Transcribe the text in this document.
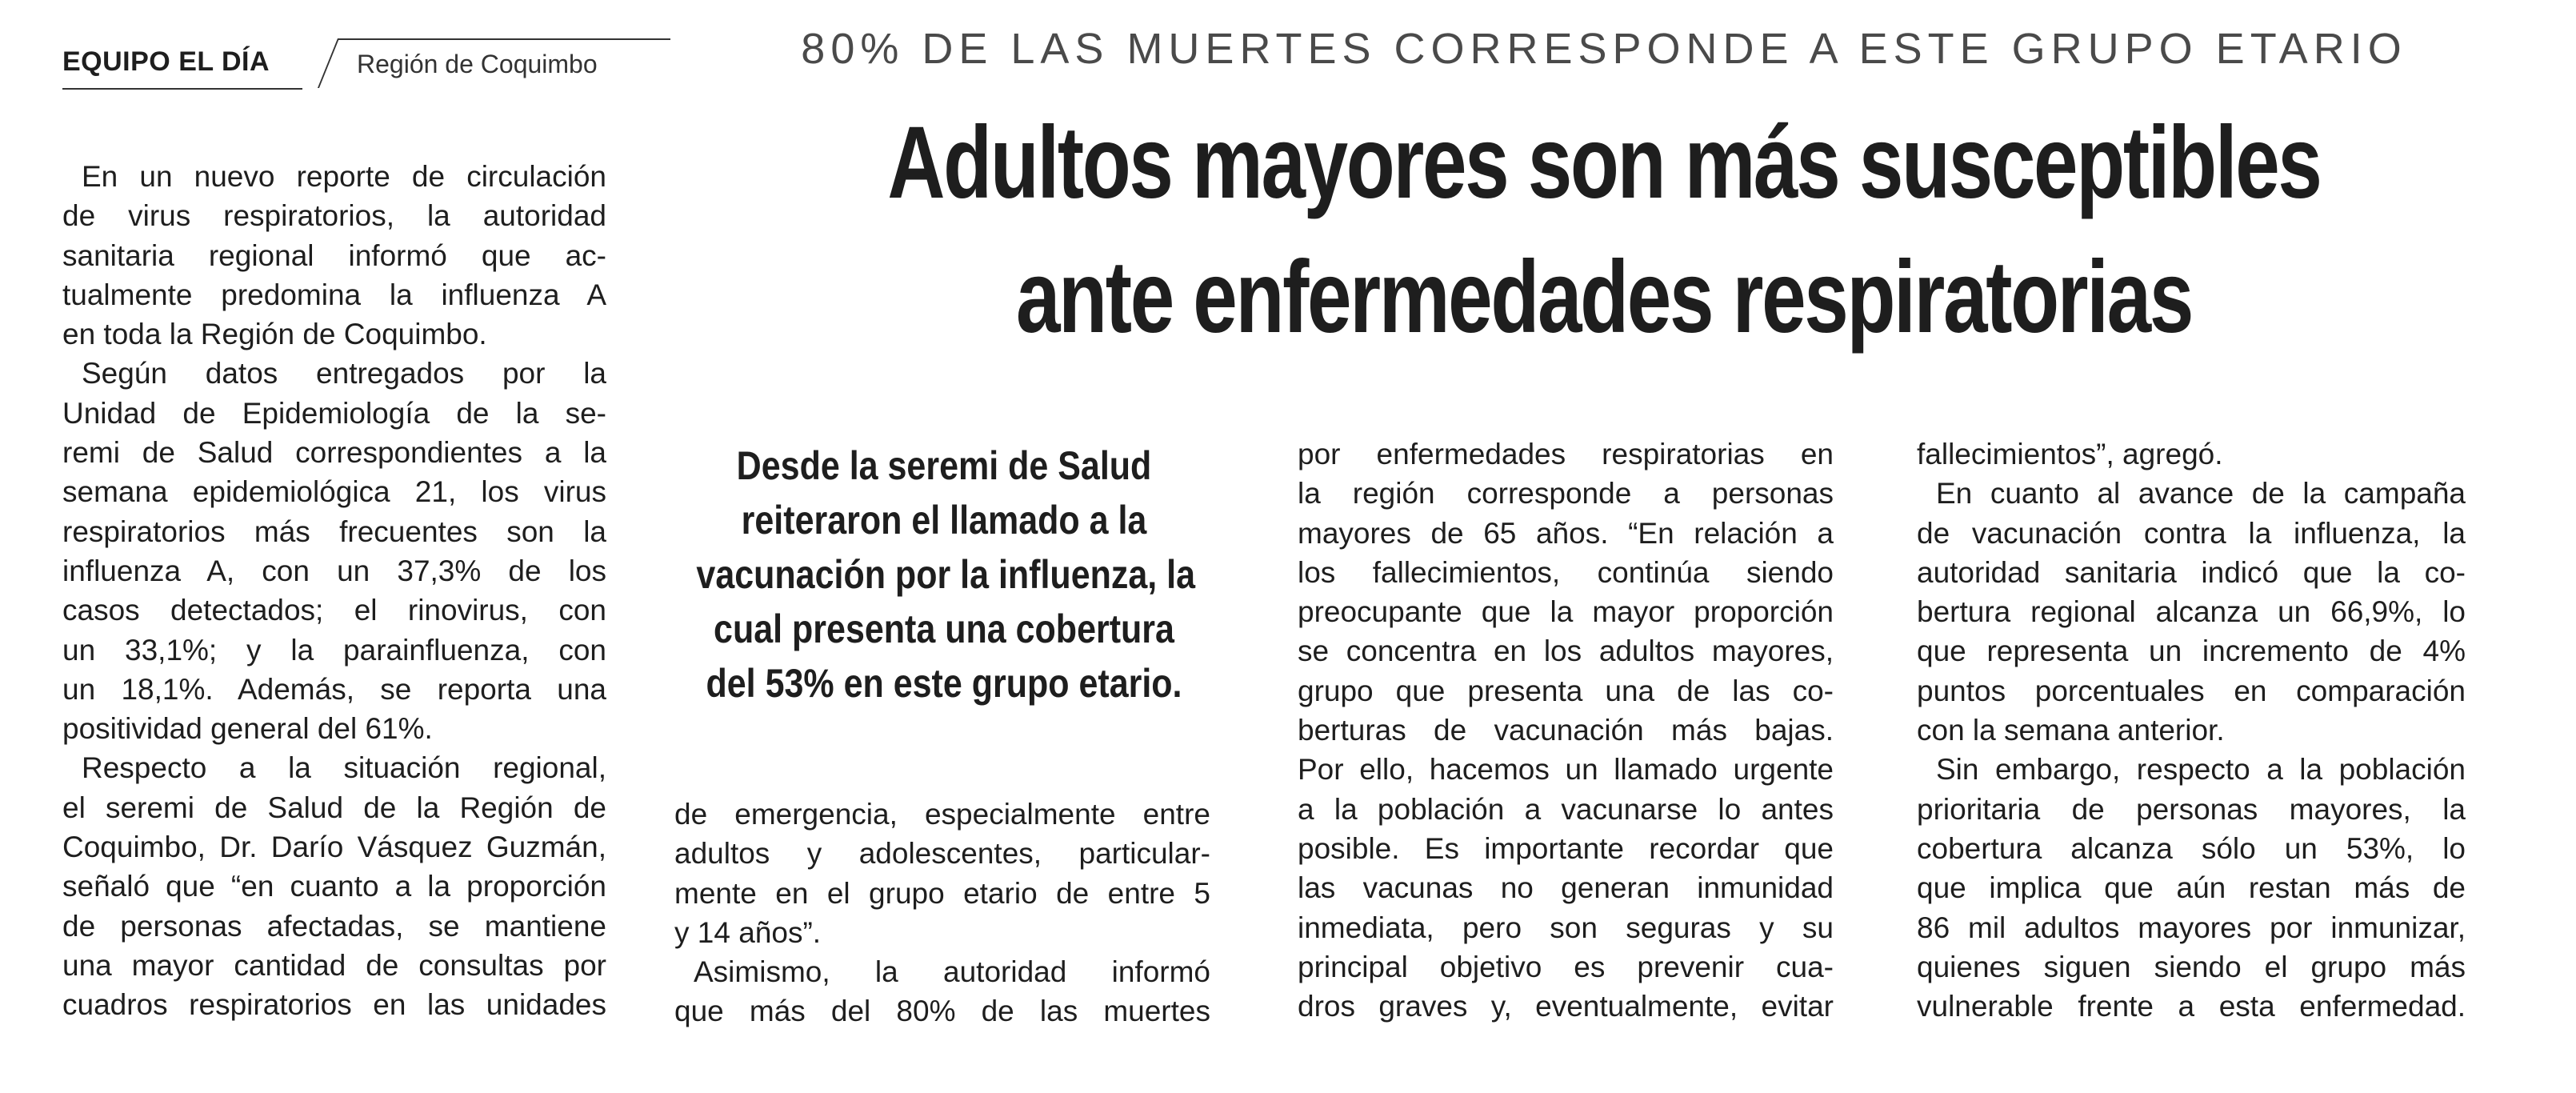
EQUIPO EL DÍA	Región de Coquimbo	80% DE LAS MUERTES CORRESPONDE A ESTE GRUPO ETARIO
Adultos mayores son más susceptibles
ante enfermedades respiratorias
En un nuevo reporte de circulación
de virus respiratorios, la autoridad
sanitaria regional informó que ac-
tualmente predomina la influenza A
en toda la Región de Coquimbo.
Según datos entregados por la
Unidad de Epidemiología de la se-
remi de Salud correspondientes a la
semana epidemiológica 21, los virus
respiratorios más frecuentes son la
influenza A, con un 37,3% de los
casos detectados; el rinovirus, con
un 33,1%; y la parainfluenza, con
un 18,1%. Además, se reporta una
positividad general del 61%.
Respecto a la situación regional,
el seremi de Salud de la Región de
Coquimbo, Dr. Darío Vásquez Guzmán,
señaló que “en cuanto a la proporción
de personas afectadas, se mantiene
una mayor cantidad de consultas por
cuadros respiratorios en las unidades
Desde la seremi de Salud
reiteraron el llamado a la
vacunación por la influenza, la
cual presenta una cobertura
del 53% en este grupo etario.
de emergencia, especialmente entre
adultos y adolescentes, particular-
mente en el grupo etario de entre 5
y 14 años”.
Asimismo, la autoridad informó
que más del 80% de las muertes
por enfermedades respiratorias en
la región corresponde a personas
mayores de 65 años. “En relación a
los fallecimientos, continúa siendo
preocupante que la mayor proporción
se concentra en los adultos mayores,
grupo que presenta una de las co-
berturas de vacunación más bajas.
Por ello, hacemos un llamado urgente
a la población a vacunarse lo antes
posible. Es importante recordar que
las vacunas no generan inmunidad
inmediata, pero son seguras y su
principal objetivo es prevenir cua-
dros graves y, eventualmente, evitar
fallecimientos”, agregó.
En cuanto al avance de la campaña
de vacunación contra la influenza, la
autoridad sanitaria indicó que la co-
bertura regional alcanza un 66,9%, lo
que representa un incremento de 4%
puntos porcentuales en comparación
con la semana anterior.
Sin embargo, respecto a la población
prioritaria de personas mayores, la
cobertura alcanza sólo un 53%, lo
que implica que aún restan más de
86 mil adultos mayores por inmunizar,
quienes siguen siendo el grupo más
vulnerable frente a esta enfermedad.
